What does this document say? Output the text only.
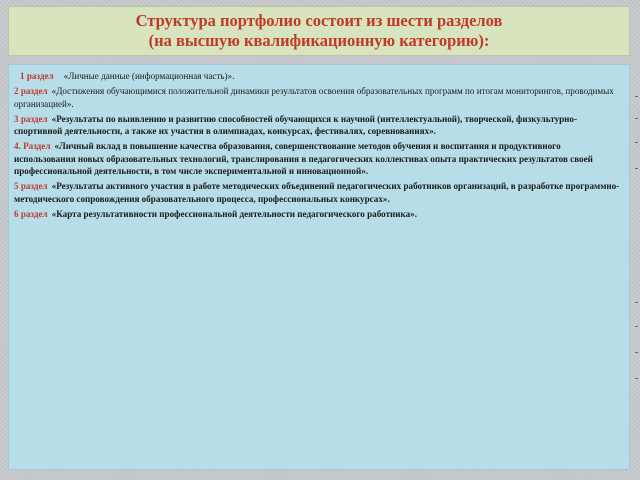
Структура портфолио состоит из шести разделов
(на высшую квалификационную категорию):

1 раздел «Личные данные (информационная часть)».

2 раздел «Достижения обучающимися положительной динамики результатов освоения образовательных программ по итогам мониторингов, проводимых организацией».

3 раздел «Результаты по выявлению и развитию способностей обучающихся к научной (интеллектуальной), творческой, физкультурно-спортивной деятельности, а также их участия в олимпиадах, конкурсах, фестивалях, соревнованиях».

4. Раздел «Личный вклад в повышение качества образования, совершенствование методов обучения и воспитания и продуктивного использования новых образовательных технологий, транслирования в педагогических коллективах опыта практических результатов своей профессиональной деятельности, в том числе экспериментальной и инновационной».

5 раздел «Результаты активного участия в работе методических объединений педагогических работников организаций, в разработке программно-методического сопровождения образовательного процесса, профессиональных конкурсах».

6 раздел «Карта результативности профессиональной деятельности педагогического работника».
